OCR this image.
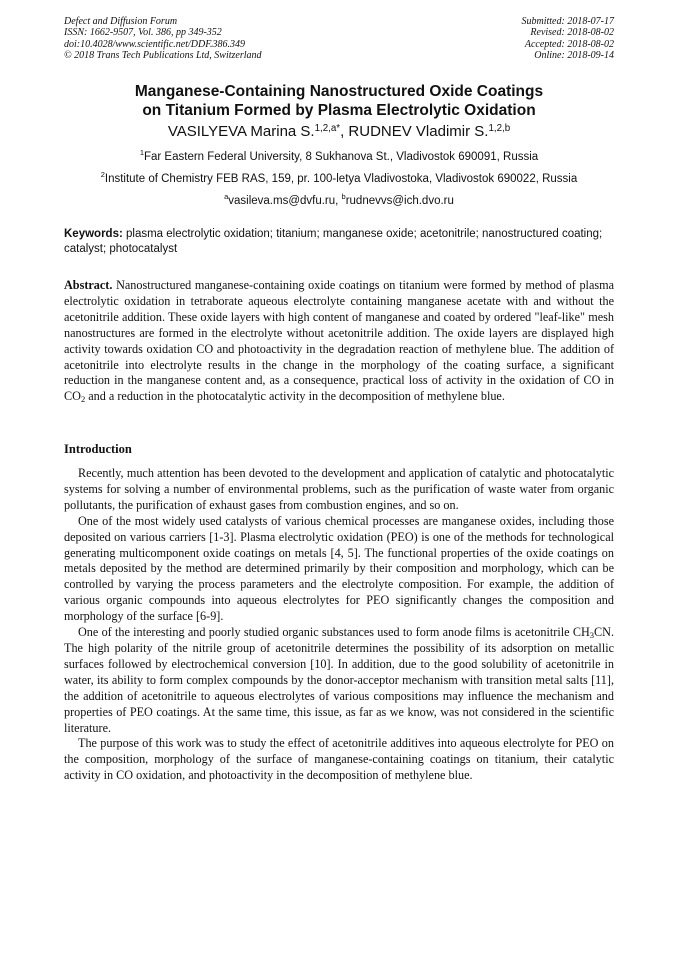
Defect and Diffusion Forum
ISSN: 1662-9507, Vol. 386, pp 349-352
doi:10.4028/www.scientific.net/DDF.386.349
© 2018 Trans Tech Publications Ltd, Switzerland
Submitted: 2018-07-17
Revised: 2018-08-02
Accepted: 2018-08-02
Online: 2018-09-14
Manganese-Containing Nanostructured Oxide Coatings
on Titanium Formed by Plasma Electrolytic Oxidation
VASILYEVA Marina S.$^{1,2,a*}$, RUDNEV Vladimir S.$^{1,2,b}$
$^1$Far Eastern Federal University, 8 Sukhanova St., Vladivostok 690091, Russia
$^2$Institute of Chemistry FEB RAS, 159, pr. 100-letya Vladivostoka, Vladivostok 690022, Russia
$^a$vasileva.ms@dvfu.ru, $^b$rudnevvs@ich.dvo.ru
Keywords: plasma electrolytic oxidation; titanium; manganese oxide; acetonitrile; nanostructured coating; catalyst; photocatalyst
Abstract. Nanostructured manganese-containing oxide coatings on titanium were formed by method of plasma electrolytic oxidation in tetraborate aqueous electrolyte containing manganese acetate with and without the acetonitrile addition. These oxide layers with high content of manganese and coated by ordered "leaf-like" mesh nanostructures are formed in the electrolyte without acetonitrile addition. The oxide layers are displayed high activity towards oxidation CO and photoactivity in the degradation reaction of methylene blue. The addition of acetonitrile into electrolyte results in the change in the morphology of the coating surface, a significant reduction in the manganese content and, as a consequence, practical loss of activity in the oxidation of CO in $CO_2$ and a reduction in the photocatalytic activity in the decomposition of methylene blue.
Introduction

Recently, much attention has been devoted to the development and application of catalytic and photocatalytic systems for solving a number of environmental problems, such as the purification of waste water from organic pollutants, the purification of exhaust gases from combustion engines, and so on.

One of the most widely used catalysts of various chemical processes are manganese oxides, including those deposited on various carriers [1-3]. Plasma electrolytic oxidation (PEO) is one of the methods for technological generating multicomponent oxide coatings on metals [4, 5]. The functional properties of the oxide coatings on metals deposited by the method are determined primarily by their composition and morphology, which can be controlled by varying the process parameters and the electrolyte composition. For example, the addition of various organic compounds into aqueous electrolytes for PEO significantly changes the composition and morphology of the surface [6-9].

One of the interesting and poorly studied organic substances used to form anode films is acetonitrile $CH_3CN$. The high polarity of the nitrile group of acetonitrile determines the possibility of its adsorption on metallic surfaces followed by electrochemical conversion [10]. In addition, due to the good solubility of acetonitrile in water, its ability to form complex compounds by the donor-acceptor mechanism with transition metal salts [11], the addition of acetonitrile to aqueous electrolytes of various compositions may influence the mechanism and properties of PEO coatings. At the same time, this issue, as far as we know, was not considered in the scientific literature.

The purpose of this work was to study the effect of acetonitrile additives into aqueous electrolyte for PEO on the composition, morphology of the surface of manganese-containing coatings on titanium, their catalytic activity in CO oxidation, and photoactivity in the decomposition of methylene blue.
